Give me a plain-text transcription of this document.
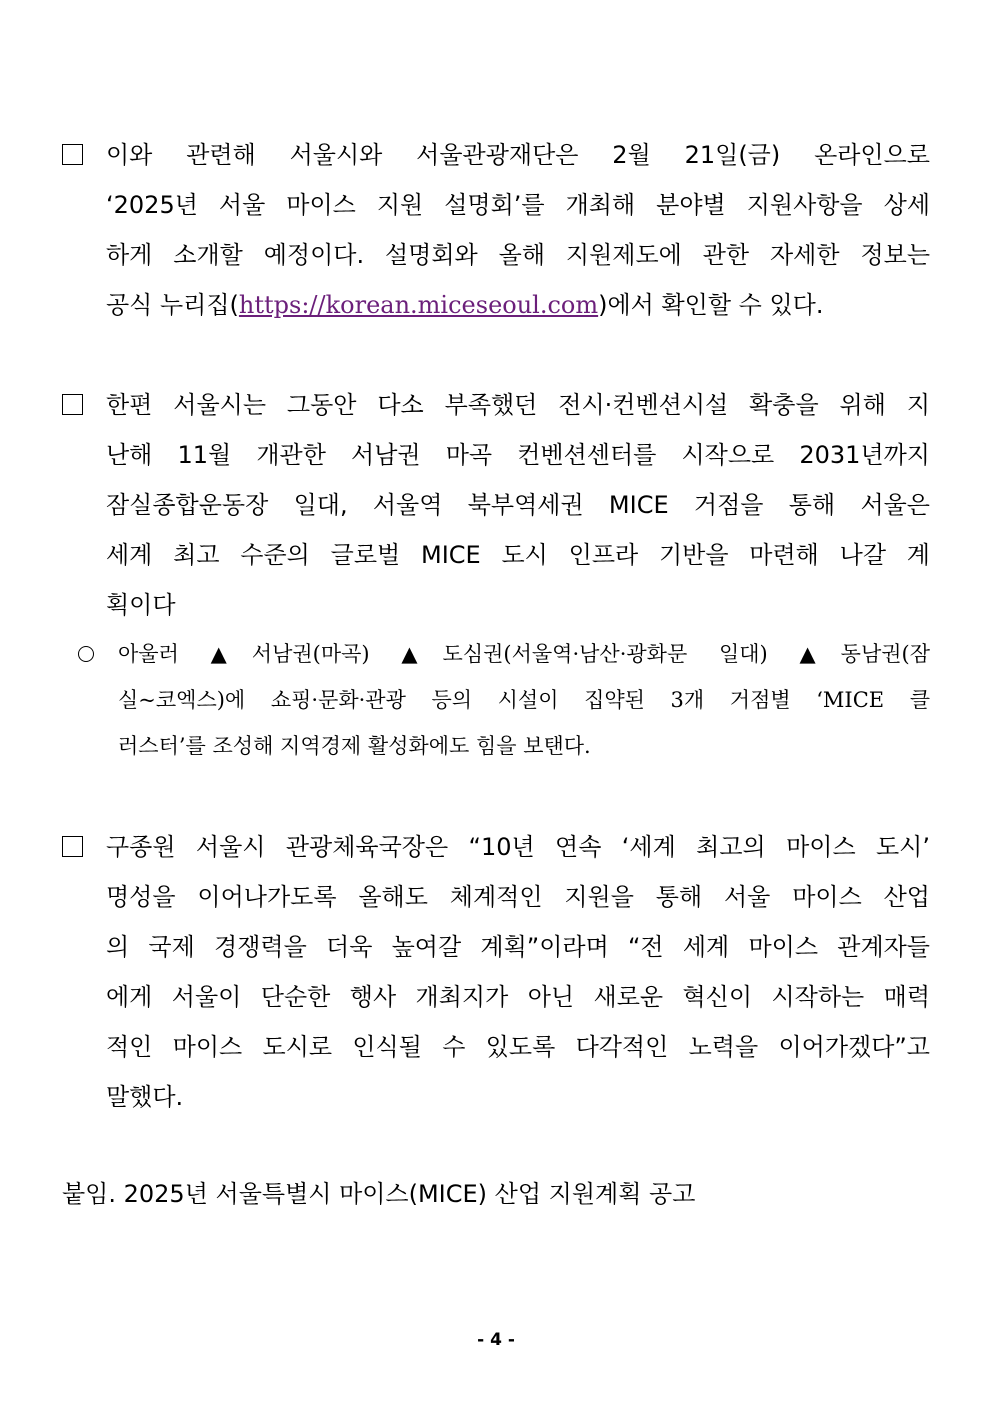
이와 관련해 서울시와 서울관광재단은 2월 21일(금) 온라인으로
‘2025년 서울 마이스 지원 설명회’를 개최해 분야별 지원사항을 상세
하게 소개할 예정이다. 설명회와 올해 지원제도에 관한 자세한 정보는
공식 누리집(https://korean.miceseoul.com)에서 확인할 수 있다.
한편 서울시는 그동안 다소 부족했던 전시·컨벤션시설 확충을 위해 지
난해 11월 개관한 서남권 마곡 컨벤션센터를 시작으로 2031년까지
잠실종합운동장 일대, 서울역 북부역세권 MICE 거점을 통해 서울은
세계 최고 수준의 글로벌 MICE 도시 인프라 기반을 마련해 나갈 계
획이다
아울러 ▲서남권(마곡) ▲도심권(서울역·남산·광화문 일대) ▲동남권(잠
실~코엑스)에 쇼핑·문화·관광 등의 시설이 집약된 3개 거점별 ‘MICE 클
러스터’를 조성해 지역경제 활성화에도 힘을 보탠다.
구종원 서울시 관광체육국장은 “10년 연속 ‘세계 최고의 마이스 도시’
명성을 이어나가도록 올해도 체계적인 지원을 통해 서울 마이스 산업
의 국제 경쟁력을 더욱 높여갈 계획”이라며 “전 세계 마이스 관계자들
에게 서울이 단순한 행사 개최지가 아닌 새로운 혁신이 시작하는 매력
적인 마이스 도시로 인식될 수 있도록 다각적인 노력을 이어가겠다”고
말했다.
붙임. 2025년 서울특별시 마이스(MICE) 산업 지원계획 공고
- 4 -
